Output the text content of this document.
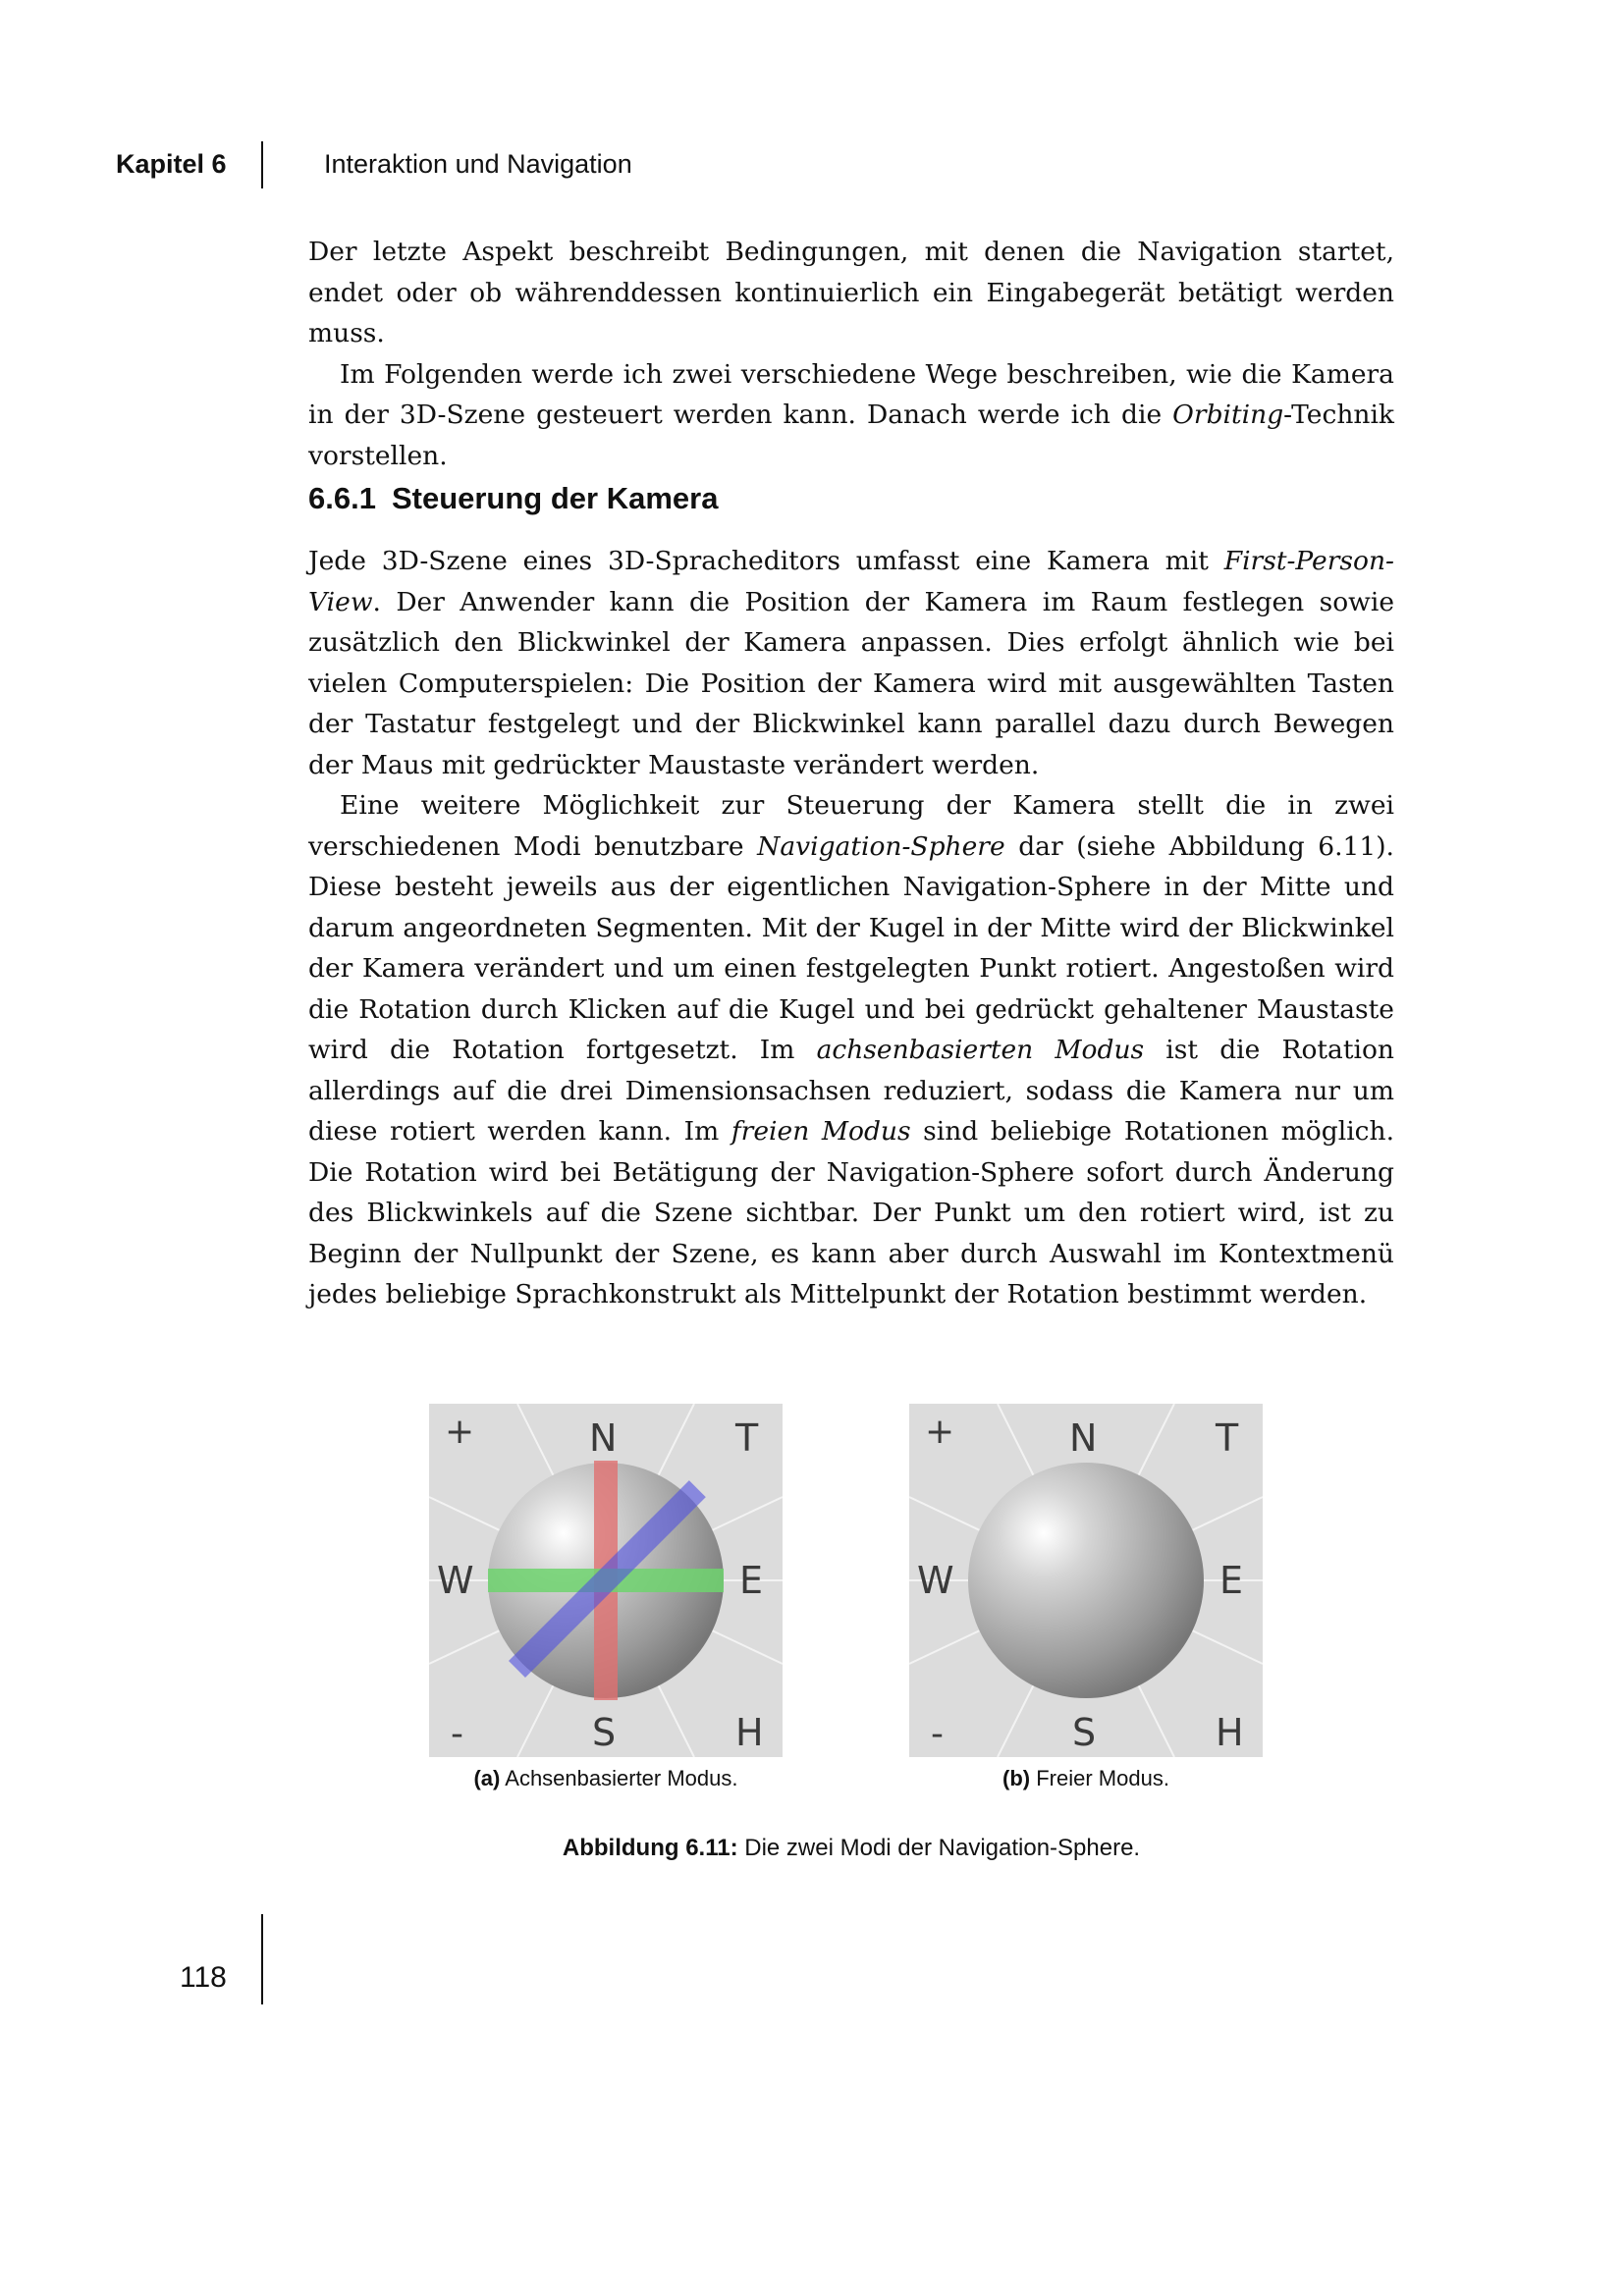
Kapitel 6	Interaktion und Navigation

Der letzte Aspekt beschreibt Bedingungen, mit denen die Navigation startet, endet oder ob währenddessen kontinuierlich ein Eingabegerät betätigt werden muss.

Im Folgenden werde ich zwei verschiedene Wege beschreiben, wie die Kamera in der 3D-Szene gesteuert werden kann. Danach werde ich die Orbiting-Technik vorstellen.

6.6.1 Steuerung der Kamera

Jede 3D-Szene eines 3D-Spracheditors umfasst eine Kamera mit First-Person-View. Der Anwender kann die Position der Kamera im Raum festlegen sowie zusätzlich den Blickwinkel der Kamera anpassen. Dies erfolgt ähnlich wie bei vielen Computerspielen: Die Position der Kamera wird mit ausgewählten Tasten der Tastatur festgelegt und der Blickwinkel kann parallel dazu durch Bewegen der Maus mit gedrückter Maustaste verändert werden.

Eine weitere Möglichkeit zur Steuerung der Kamera stellt die in zwei verschiedenen Modi benutzbare Navigation-Sphere dar (siehe Abbildung 6.11). Diese besteht jeweils aus der eigentlichen Navigation-Sphere in der Mitte und darum angeordneten Segmenten. Mit der Kugel in der Mitte wird der Blickwinkel der Kamera verändert und um einen festgelegten Punkt rotiert. Angestoßen wird die Rotation durch Klicken auf die Kugel und bei gedrückt gehaltener Maustaste wird die Rotation fortgesetzt. Im achsenbasierten Modus ist die Rotation allerdings auf die drei Dimensionsachsen reduziert, sodass die Kamera nur um diese rotiert werden kann. Im freien Modus sind beliebige Rotationen möglich. Die Rotation wird bei Betätigung der Navigation-Sphere sofort durch Änderung des Blickwinkels auf die Szene sichtbar. Der Punkt um den rotiert wird, ist zu Beginn der Nullpunkt der Szene, es kann aber durch Auswahl im Kontextmenü jedes beliebige Sprachkonstrukt als Mittelpunkt der Rotation bestimmt werden.

+	N	T
W	E
-	S	H
+	N	T
W	E
-	S	H
(a) Achsenbasierter Modus.	(b) Freier Modus.
Abbildung 6.11: Die zwei Modi der Navigation-Sphere.
118
